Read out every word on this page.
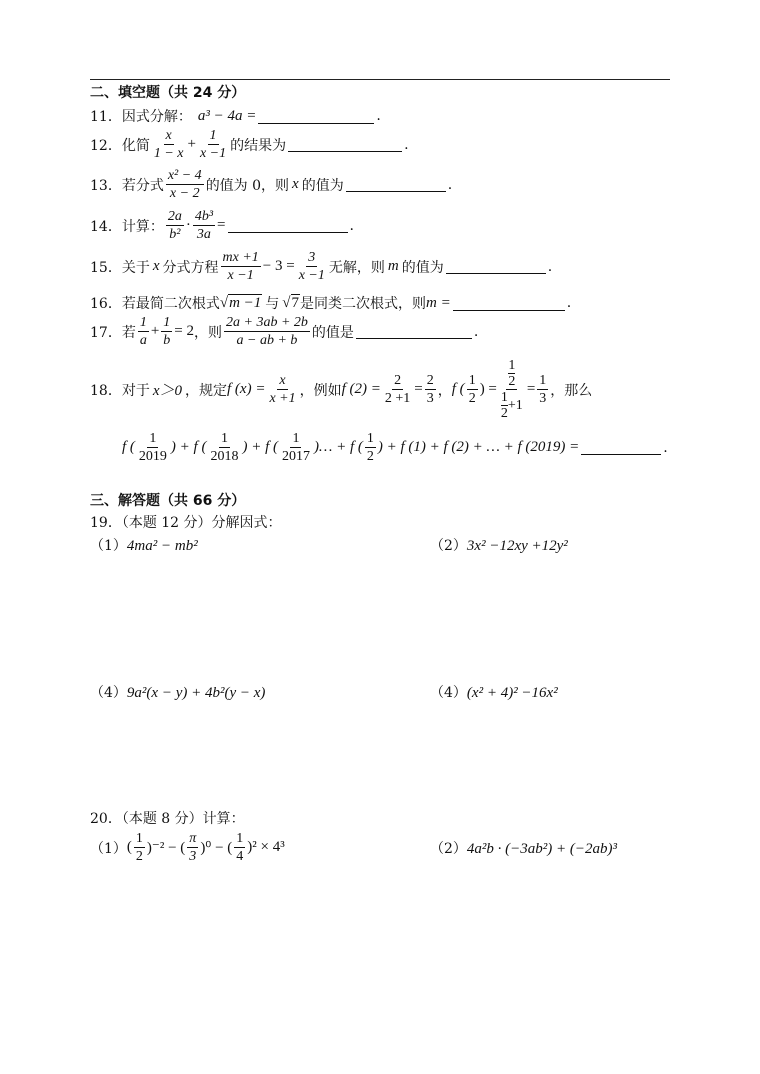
二、填空题（共 24 分）
11． 因式分解： a³ − 4a =	.
12． 化简 $\frac{x}{1 - x} + \frac{1}{x -1}$ 的结果为	.
13． 若分式 $\frac{\text{x² − 4}}{x - 2}$ 的值为 0，则 x 的值为	.
14． 计算： $\frac{2a}{\text{b²}} \cdot \frac{\text{4b³}}{3a}$ =	.
15． 关于 x 分式方程 $\frac{mx +1}{x -1} - 3 = \frac{3}{x -1}$ 无解，则 m 的值为	.
16． 若最简二次根式 √m −1 与 √7 是同类二次根式，则 m =	.
17． 若 $\frac{1}{a} + \frac{1}{b} = 2$ ，则 $\frac{2a + 3ab + 2b}{a - ab + b}$ 的值是	.
18． 对于 x＞0 ，规定 f $(x) = \frac{x}{x +1}$ ，例如 f $(2) = \frac{2}{2 +1} = \frac{2}{3}$ ， f ( $\frac{1}{2}$ ) = 1
2
1
2
$+1 = \frac{1}{3}$ ，那么
f ( $\frac{1}{2019}$ ) + f ( $\frac{1}{2018}$ ) + f ( $\frac{1}{2017}$ )… + f ( $\frac{1}{2}$ ) + f (1) + f (2) + … + f (2019) =	.
三、解答题（共 66 分）
19．（本题 12 分）分解因式：
（1）4ma² − mb²	（2）3x² −12xy +12y²
（4）9a²(x − y) + 4b²(y − x)	（4）(x² + 4)² −16x²
20．（本题 8 分）计算：
（1） ( $\frac{1}{2} )^{-2}$ − ( $\frac{\pi}{3} )^0$ − ( $\frac{1}{4} )^2 \times 4^3$	（2）4a²b · (−3ab²) + (−2ab)³
